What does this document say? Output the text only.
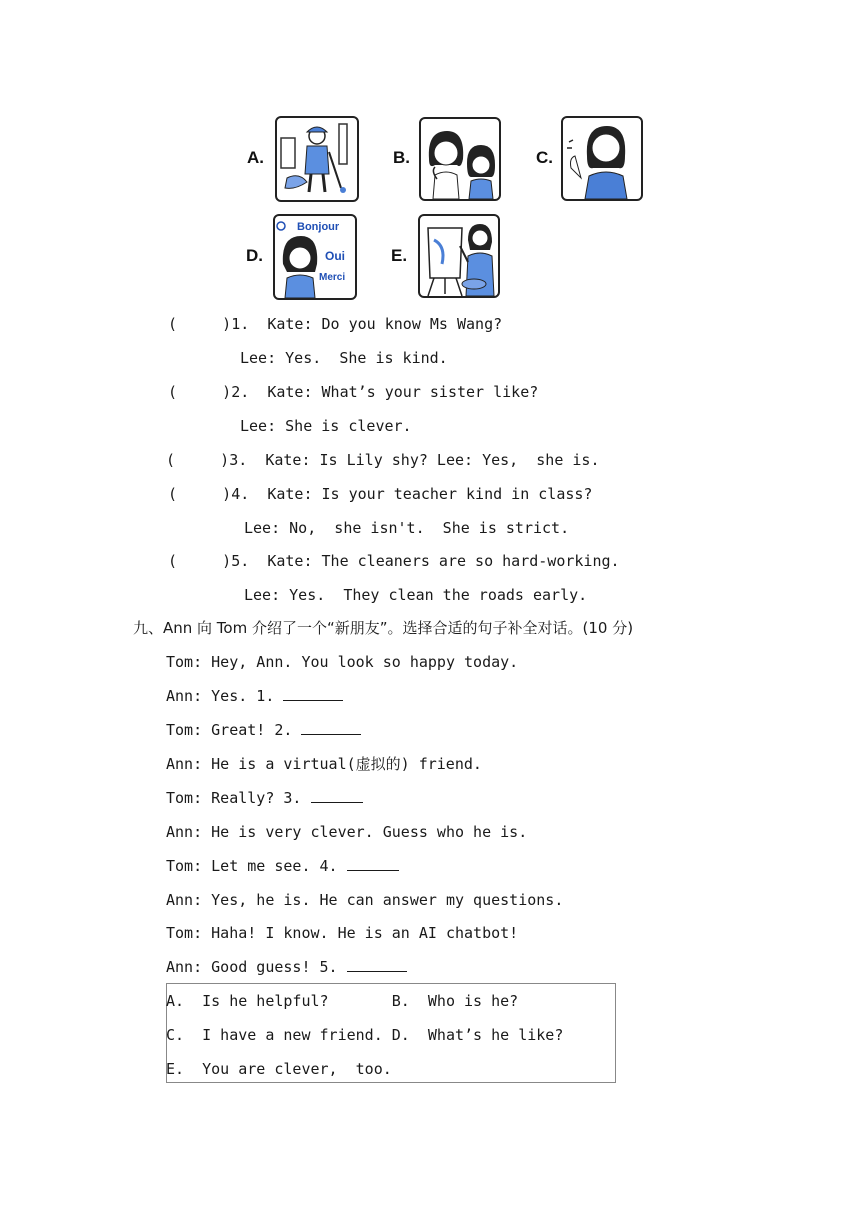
A.	B.	C.
D.
Bonjour
Oui
Merci
E.
(     )1.  Kate: Do you know Ms Wang?
Lee: Yes.  She is kind.
(     )2.  Kate: What’s your sister like?
Lee: She is clever.
(     )3.  Kate: Is Lily shy? Lee: Yes,  she is.
(     )4.  Kate: Is your teacher kind in class?
Lee: No,  she isn't.  She is strict.
(     )5.  Kate: The cleaners are so hard-working.
Lee: Yes.  They clean the roads early.
九、Ann 向 Tom 介绍了一个“新朋友”。选择合适的句子补全对话。(10 分)
Tom: Hey, Ann. You look so happy today.
Ann: Yes. 1.
Tom: Great! 2.
Ann: He is a virtual(虚拟的) friend.
Tom: Really? 3.
Ann: He is very clever. Guess who he is.
Tom: Let me see. 4.
Ann: Yes, he is. He can answer my questions.
Tom: Haha! I know. He is an AI chatbot!
Ann: Good guess! 5.
A.  Is he helpful?       B.  Who is he?
C.  I have a new friend. D.  What’s he like?
E.  You are clever,  too.
